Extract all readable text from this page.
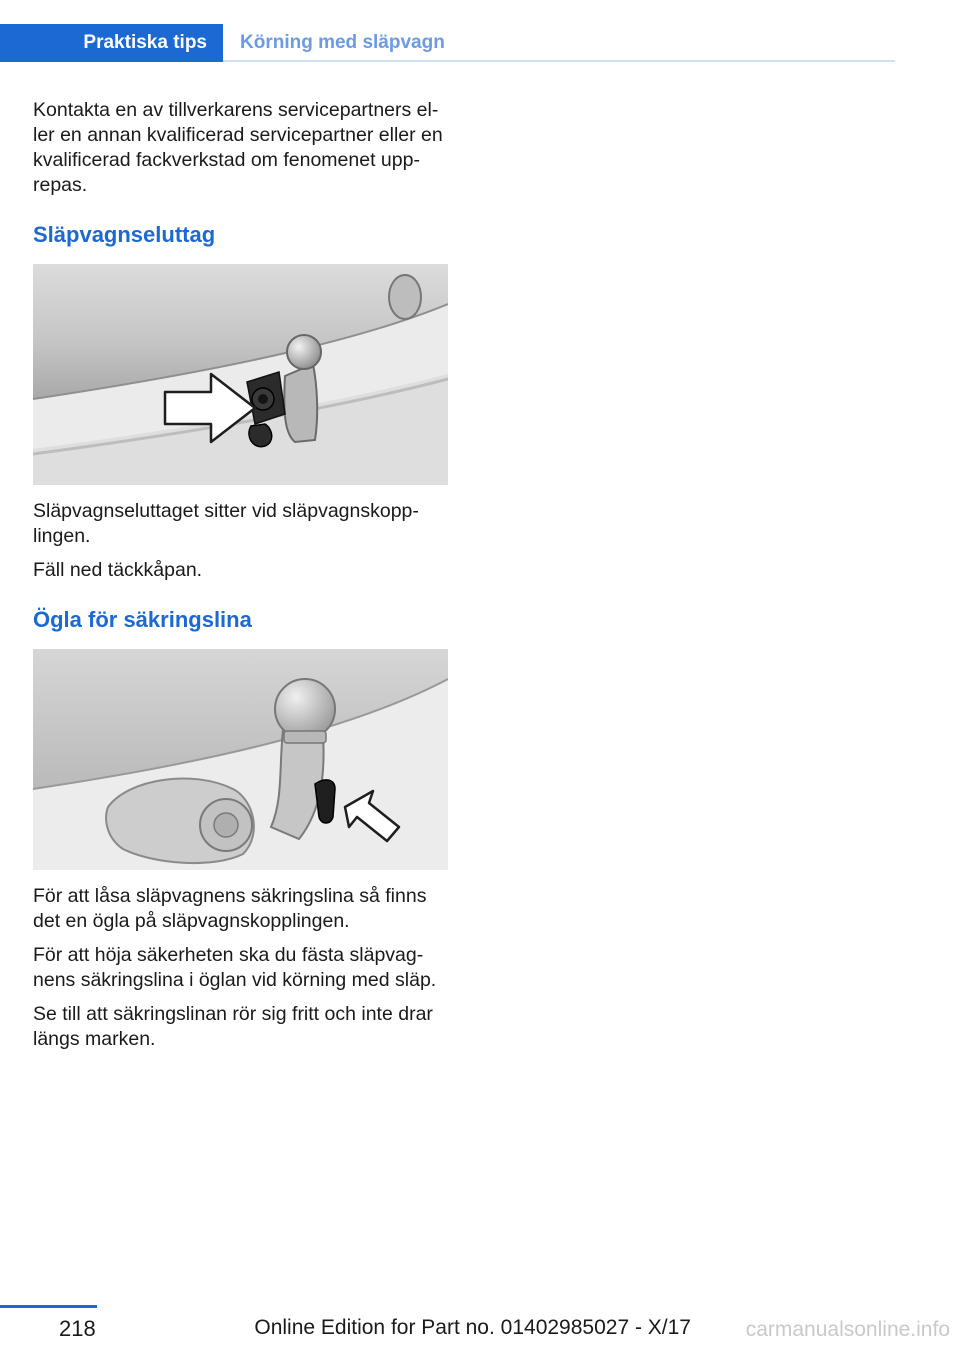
Praktiska tips Körning med släpvagn

Kontakta en av tillverkarens servicepartners eller en annan kvalificerad servicepartner eller en kvalificerad fackverkstad om fenomenet upprepas.

Släpvagnseluttag

Släpvagnseluttaget sitter vid släpvagnskopplingen.

Fäll ned täckkåpan.

Ögla för säkringslina

För att låsa släpvagnens säkringslina så finns det en ögla på släpvagnskopplingen.

För att höja säkerheten ska du fästa släpvagnens säkringslina i öglan vid körning med släp.

Se till att säkringslinan rör sig fritt och inte drar längs marken.

218	Online Edition for Part no. 01402985027 - X/17	carmanualsonline.info
